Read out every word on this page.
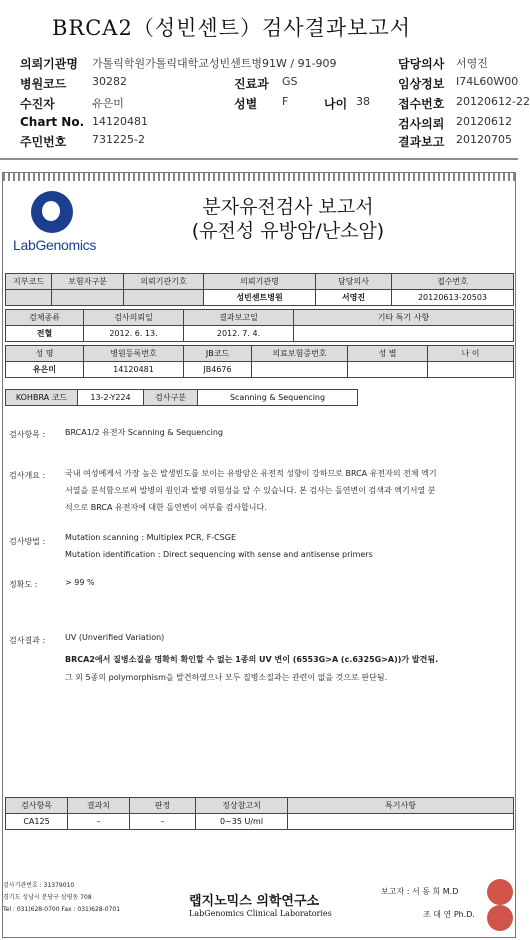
BRCA2（성빈센트）검사결과보고서
의뢰기관명 가톨릭학원가톨릭대학교성빈센트병91W / 91-909	담당의사 서영진
병원코드 30282	진료과 GS	임상정보 I74L60W00
수진자	유은미	성별 F	나이 38 접수번호 20120612-22
Chart No. 14120481	검사의뢰 20120612
주민번호 731225-2	결과보고 20120705
LabGenomics
분자유전검사 보고서
(유전성 유방암/난소암)
지부코드	보험자구분	의뢰기관기호	의뢰기관명	담당의사	접수번호
			성빈센트병원	서영진	20120613-20503
검체종류	검사의뢰일	결과보고일	기타 특기 사항
전혈	2012. 6. 13.	2012. 7. 4.	
성 명	병원등록번호	JB코드	의료보험증번호	성 별	나 이
유은미	14120481	JB4676			
KOHBRA 코드	13-2-Y224	검사구분	Scanning & Sequencing
검사항목 : BRCA1/2 유전자 Scanning & Sequencing
검사개요 : 국내 여성에게서 가장 높은 발생빈도를 보이는 유방암은 유전적 성향이 강하므로 BRCA 유전자의 전체 엑기
서열을 분석함으로써 발병의 원인과 발병 위험성을 알 수 있습니다. 본 검사는 돌연변이 검색과 엑기서열 분
석으로 BRCA 유전자에 대한 돌연변이 여부를 검사합니다.
검사방법 : Mutation scanning : Multiplex PCR, F-CSGE
Mutation identification : Direct sequencing with sense and antisense primers
정확도 :	> 99 %
검사결과 : UV (Unverified Variation)
BRCA2에서 질병소질을 명확히 확인할 수 없는 1종의 UV 변이 (6553G>A (c.6325G>A))가 발견됨.
그 외 5종의 polymorphism을 발견하였으나 모두 질병소질과는 관련이 없을 것으로 판단됨.
검사항목	결과치	판정	정상참고치	특기사항
CA125	–	–	0~35 U/ml	
검사기관번호 : 31379010
경기도 성남시 분당구 삼평동 708
Tel : 031)628-0700 Fax : 031)628-0701
랩지노믹스 의학연구소
LabGenomics Clinical Laboratories
보고자 : 서 동 희 M.D
조 대 연 Ph.D.
